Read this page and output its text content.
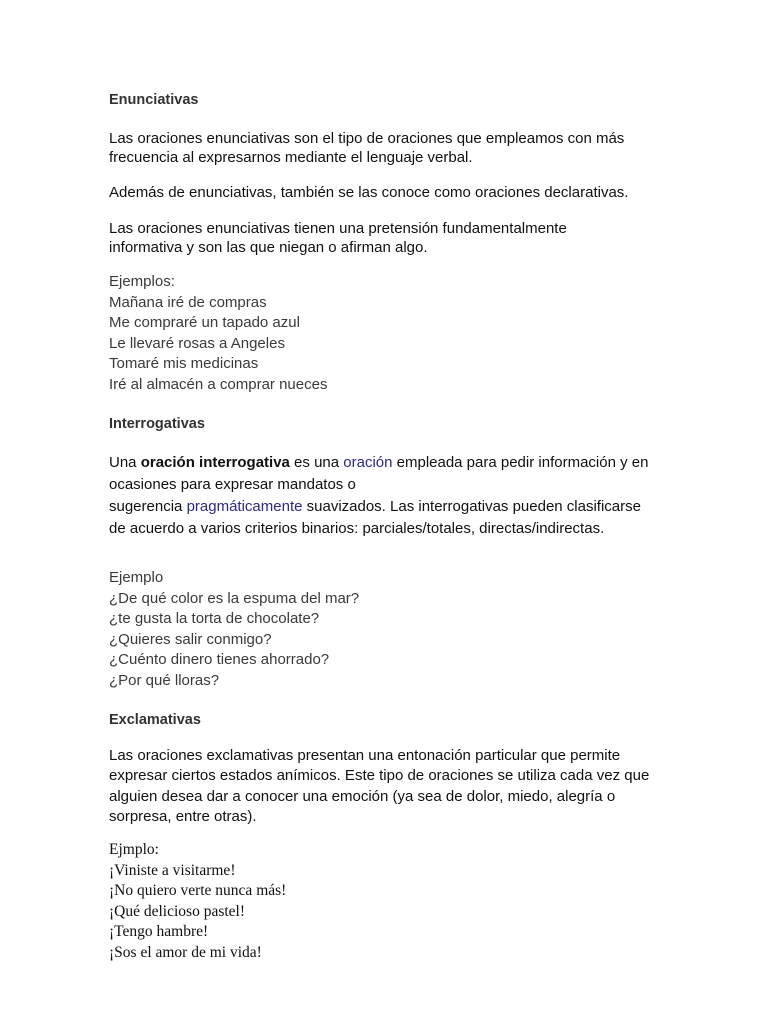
Enunciativas

Las oraciones enunciativas son el tipo de oraciones que empleamos con más frecuencia al expresarnos mediante el lenguaje verbal.

Además de enunciativas, también se las conoce como oraciones declarativas.

Las oraciones enunciativas tienen una pretensión fundamentalmente informativa y son las que niegan o afirman algo.

Ejemplos:
Mañana iré de compras
Me compraré un tapado azul
Le llevaré rosas a Angeles
Tomaré mis medicinas
Iré al almacén a comprar nueces
Interrogativas

Una oración interrogativa es una oración empleada para pedir información y en ocasiones para expresar mandatos o
sugerencia pragmáticamente suavizados. Las interrogativas pueden clasificarse de acuerdo a varios criterios binarios: parciales/totales, directas/indirectas.

Ejemplo
¿De qué color es la espuma del mar?
¿te gusta la torta de chocolate?
¿Quieres salir conmigo?
¿Cuénto dinero tienes ahorrado?
¿Por qué lloras?
Exclamativas

Las oraciones exclamativas presentan una entonación particular que permite expresar ciertos estados anímicos. Este tipo de oraciones se utiliza cada vez que alguien desea dar a conocer una emoción (ya sea de dolor, miedo, alegría o sorpresa, entre otras).

Ejmplo:
¡Viniste a visitarme!
¡No quiero verte nunca más!
¡Qué delicioso pastel!
¡Tengo hambre!
¡Sos el amor de mi vida!
